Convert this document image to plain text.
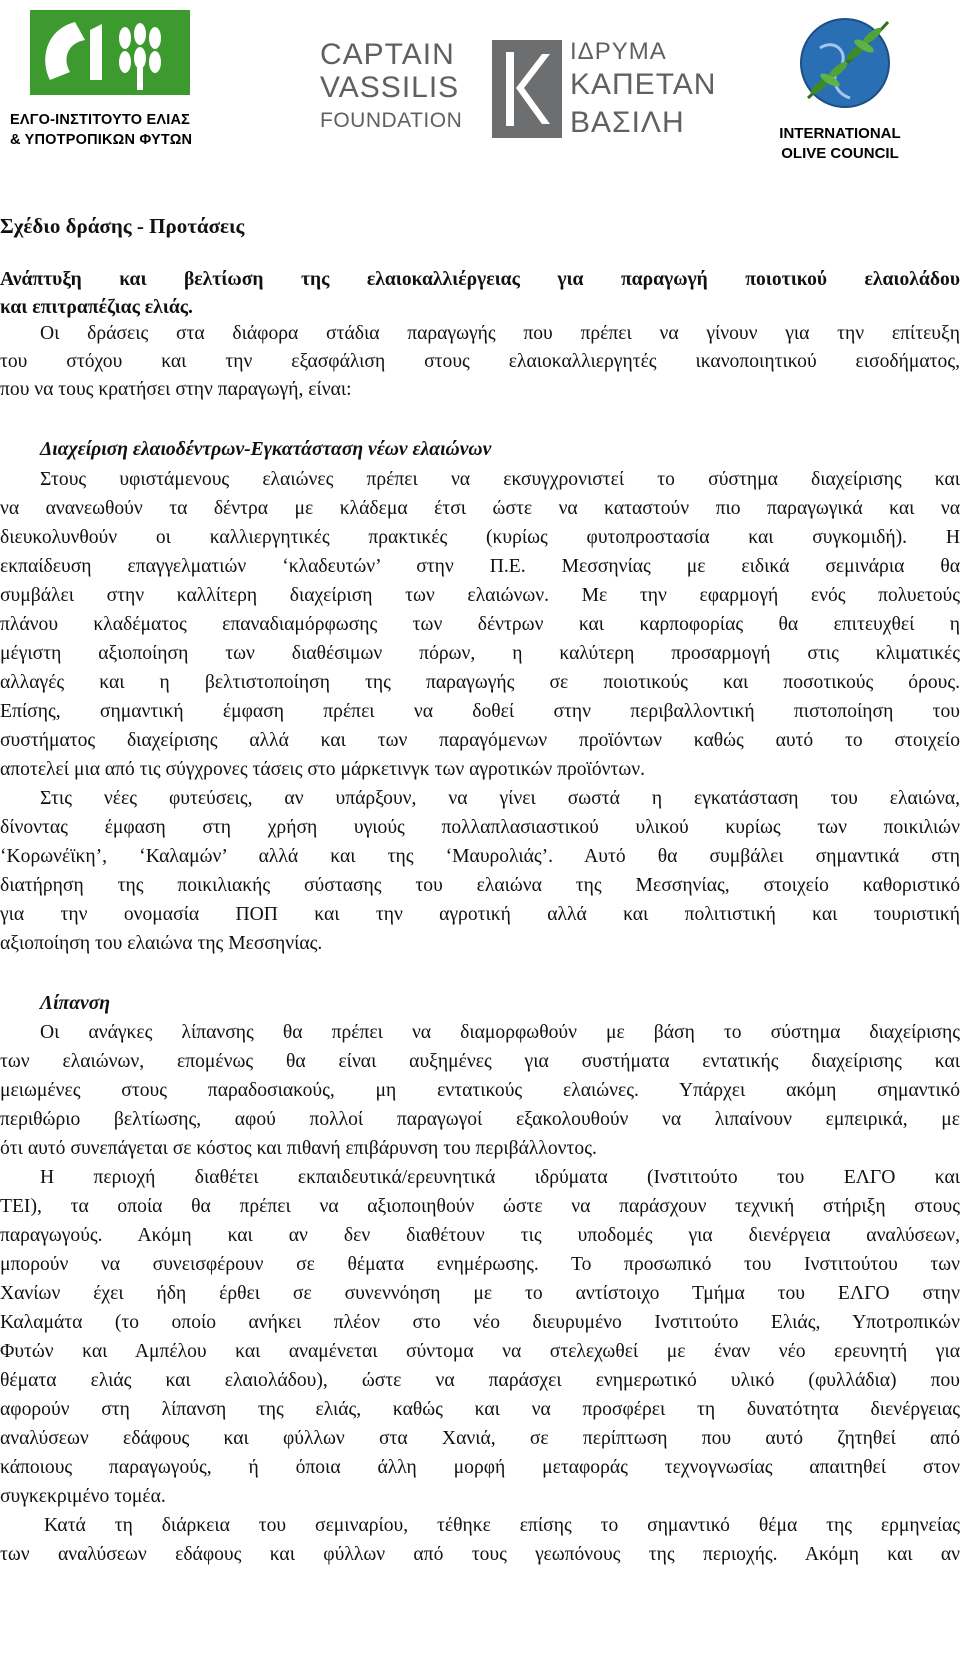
ΕΛΓΟ-ΙΝΣΤΙΤΟΥΤΟ ΕΛΙΑΣ
& ΥΠΟΤΡΟΠΙΚΩΝ ΦΥΤΩΝ
CAPTAIN
VASSILIS
FOUNDATION
ΙΔΡΥΜΑ
ΚΑΠΕΤΑΝ
ΒΑΣΙΛΗ	INTERNATIONAL
OLIVE COUNCIL
Σχέδιο δράσης - Προτάσεις
Ανάπτυξη και βελτίωση της ελαιοκαλλιέργειας για παραγωγή ποιοτικού ελαιολάδου
και επιτραπέζιας ελιάς.
Οι δράσεις στα διάφορα στάδια παραγωγής που πρέπει να γίνουν για την επίτευξη
του στόχου και την εξασφάλιση στους ελαιοκαλλιεργητές ικανοποιητικού εισοδήματος,
που να τους κρατήσει στην παραγωγή, είναι:
Διαχείριση ελαιοδέντρων-Εγκατάσταση νέων ελαιώνων
Στους υφιστάμενους ελαιώνες πρέπει να εκσυγχρονιστεί το σύστημα διαχείρισης και
να ανανεωθούν τα δέντρα με κλάδεμα έτσι ώστε να καταστούν πιο παραγωγικά και να
διευκολυνθούν οι καλλιεργητικές πρακτικές (κυρίως φυτοπροστασία και συγκομιδή). Η
εκπαίδευση επαγγελματιών ‘κλαδευτών’ στην Π.Ε. Μεσσηνίας με ειδικά σεμινάρια θα
συμβάλει στην καλλίτερη διαχείριση των ελαιώνων. Με την εφαρμογή ενός πολυετούς
πλάνου κλαδέματος επαναδιαμόρφωσης των δέντρων και καρποφορίας θα επιτευχθεί η
μέγιστη αξιοποίηση των διαθέσιμων πόρων, η καλύτερη προσαρμογή στις κλιματικές
αλλαγές και η βελτιστοποίηση της παραγωγής σε ποιοτικούς και ποσοτικούς όρους.
Επίσης, σημαντική έμφαση πρέπει να δοθεί στην περιβαλλοντική πιστοποίηση του
συστήματος διαχείρισης αλλά και των παραγόμενων προϊόντων καθώς αυτό το στοιχείο
αποτελεί μια από τις σύγχρονες τάσεις στο μάρκετινγκ των αγροτικών προϊόντων.
Στις νέες φυτεύσεις, αν υπάρξουν, να γίνει σωστά η εγκατάσταση του ελαιώνα,
δίνοντας έμφαση στη χρήση υγιούς πολλαπλασιαστικού υλικού κυρίως των ποικιλιών
‘Κορωνέϊκη’, ‘Καλαμών’ αλλά και της ‘Μαυρολιάς’. Αυτό θα συμβάλει σημαντικά στη
διατήρηση της ποικιλιακής σύστασης του ελαιώνα της Μεσσηνίας, στοιχείο καθοριστικό
για την ονομασία ΠΟΠ και την αγροτική αλλά και πολιτιστική και τουριστική
αξιοποίηση του ελαιώνα της Μεσσηνίας.
Λίπανση
Οι ανάγκες λίπανσης θα πρέπει να διαμορφωθούν με βάση το σύστημα διαχείρισης
των ελαιώνων, επομένως θα είναι αυξημένες για συστήματα εντατικής διαχείρισης και
μειωμένες στους παραδοσιακούς, μη εντατικούς ελαιώνες. Υπάρχει ακόμη σημαντικό
περιθώριο βελτίωσης, αφού πολλοί παραγωγοί εξακολουθούν να λιπαίνουν εμπειρικά, με
ότι αυτό συνεπάγεται σε κόστος και πιθανή επιβάρυνση του περιβάλλοντος.
Η περιοχή διαθέτει εκπαιδευτικά/ερευνητικά ιδρύματα (Ινστιτούτο του ΕΛΓΟ και
ΤΕΙ), τα οποία θα πρέπει να αξιοποιηθούν ώστε να παράσχουν τεχνική στήριξη στους
παραγωγούς. Ακόμη και αν δεν διαθέτουν τις υποδομές για διενέργεια αναλύσεων,
μπορούν να συνεισφέρουν σε θέματα ενημέρωσης. Το προσωπικό του Ινστιτούτου των
Χανίων έχει ήδη έρθει σε συνεννόηση με το αντίστοιχο Τμήμα του ΕΛΓΟ στην
Καλαμάτα (το οποίο ανήκει πλέον στο νέο διευρυμένο Ινστιτούτο Ελιάς, Υποτροπικών
Φυτών και Αμπέλου και αναμένεται σύντομα να στελεχωθεί με έναν νέο ερευνητή για
θέματα ελιάς και ελαιολάδου), ώστε να παράσχει ενημερωτικό υλικό (φυλλάδια) που
αφορούν στη λίπανση της ελιάς, καθώς και να προσφέρει τη δυνατότητα διενέργειας
αναλύσεων εδάφους και φύλλων στα Χανιά, σε περίπτωση που αυτό ζητηθεί από
κάποιους παραγωγούς, ή όποια άλλη μορφή μεταφοράς τεχνογνωσίας απαιτηθεί στον
συγκεκριμένο τομέα.
Κατά τη διάρκεια του σεμιναρίου, τέθηκε επίσης το σημαντικό θέμα της ερμηνείας
των αναλύσεων εδάφους και φύλλων από τους γεωπόνους της περιοχής. Ακόμη και αν
